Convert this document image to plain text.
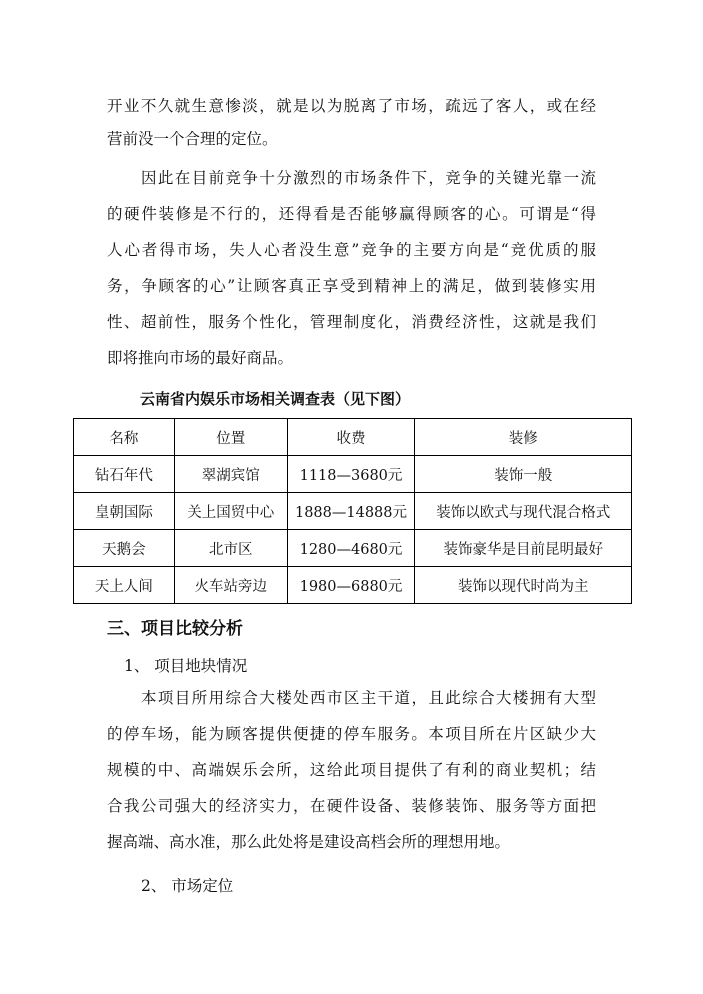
开业不久就生意惨淡，就是以为脱离了市场，疏远了客人，或在经
营前没一个合理的定位。
因此在目前竞争十分激烈的市场条件下，竞争的关键光靠一流
的硬件装修是不行的，还得看是否能够赢得顾客的心。可谓是“得
人心者得市场，失人心者没生意”竞争的主要方向是“竞优质的服
务，争顾客的心”让顾客真正享受到精神上的满足，做到装修实用
性、超前性，服务个性化，管理制度化，消费经济性，这就是我们
即将推向市场的最好商品。
云南省内娱乐市场相关调查表（见下图）
名称	位置	收费	装修
钻石年代	翠湖宾馆	1118—3680元	装饰一般
皇朝国际	关上国贸中心	1888—14888元	装饰以欧式与现代混合格式
天鹅会	北市区	1280—4680元	装饰豪华是目前昆明最好
天上人间	火车站旁边	1980—6880元	装饰以现代时尚为主
三、项目比较分析
1、 项目地块情况
本项目所用综合大楼处西市区主干道，且此综合大楼拥有大型
的停车场，能为顾客提供便捷的停车服务。本项目所在片区缺少大
规模的中、高端娱乐会所，这给此项目提供了有利的商业契机；结
合我公司强大的经济实力，在硬件设备、装修装饰、服务等方面把
握高端、高水准，那么此处将是建设高档会所的理想用地。
2、 市场定位
